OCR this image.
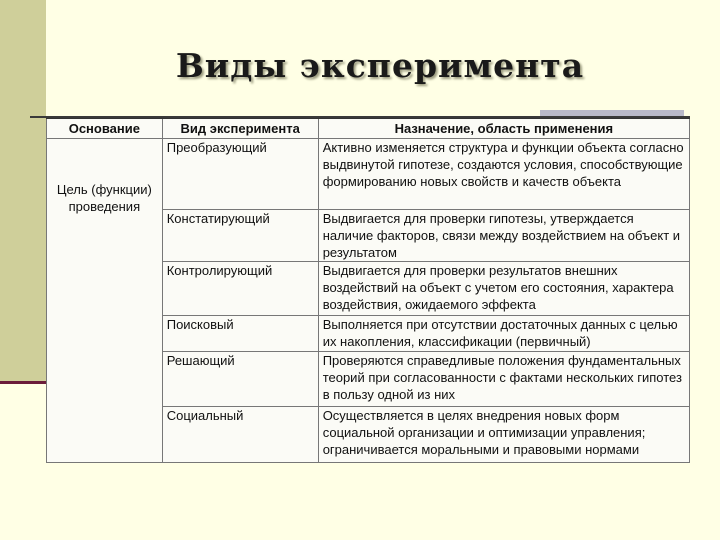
Виды эксперимента
Основание	Вид эксперимента	Назначение, область применения

Цель (функции) проведения	Преобразующий	Активно изменяется структура и функции объекта согласно выдвинутой гипотезе, создаются условия, способствующие формированию новых свойств и качеств объекта
	Констатирующий	Выдвигается для проверки гипотезы, утверждается наличие факторов, связи между воздействием на объект и результатом
	Контролирующий	Выдвигается для проверки результатов внешних воздействий на объект с учетом его состояния, характера воздействия, ожидаемого эффекта
	Поисковый	Выполняется при отсутствии достаточных данных с целью их накопления, классификации (первичный)
	Решающий	Проверяются справедливые положения фундаментальных теорий при согласованности с фактами нескольких гипотез в пользу одной из них
	Социальный	Осуществляется в целях внедрения новых форм социальной организации и оптимизации управления; ограничивается моральными и правовыми нормами
